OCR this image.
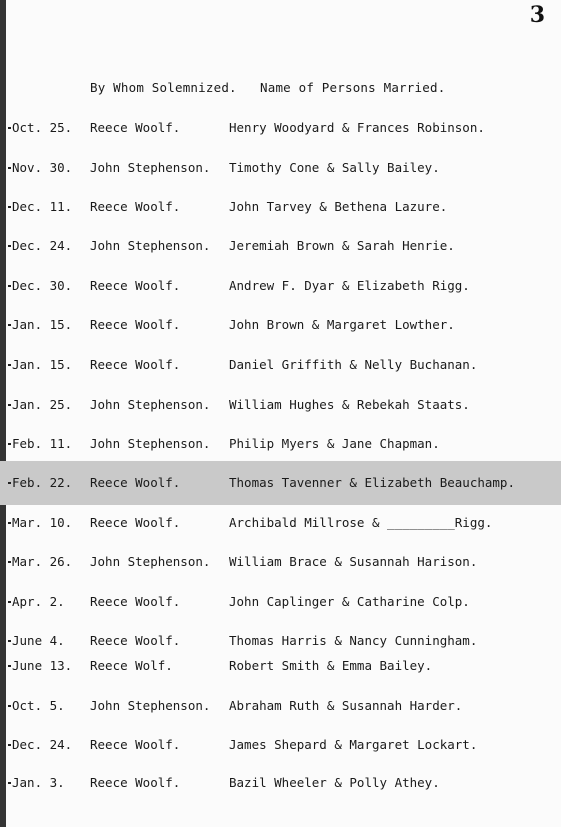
3
By Whom Solemnized. Name of Persons Married.
Oct. 25.	Reece Woolf.	Henry Woodyard & Frances Robinson.
Nov. 30.	John Stephenson.	Timothy Cone & Sally Bailey.
Dec. 11.	Reece Woolf.	John Tarvey & Bethena Lazure.
Dec. 24.	John Stephenson.	Jeremiah Brown & Sarah Henrie.
Dec. 30.	Reece Woolf.	Andrew F. Dyar & Elizabeth Rigg.
Jan. 15.	Reece Woolf.	John Brown & Margaret Lowther.
Jan. 15.	Reece Woolf.	Daniel Griffith & Nelly Buchanan.
Jan. 25.	John Stephenson.	William Hughes & Rebekah Staats.
Feb. 11.	John Stephenson.	Philip Myers & Jane Chapman.
Feb. 22.	Reece Woolf.	Thomas Tavenner & Elizabeth Beauchamp.
Mar. 10.	Reece Woolf.	Archibald Millrose & _________Rigg.
Mar. 26.	John Stephenson.	William Brace & Susannah Harison.
Apr. 2.	Reece Woolf.	John Caplinger & Catharine Colp.
June 4.	Reece Woolf.	Thomas Harris & Nancy Cunningham.
June 13.	Reece Wolf.	Robert Smith & Emma Bailey.
Oct. 5.	John Stephenson.	Abraham Ruth & Susannah Harder.
Dec. 24.	Reece Woolf.	James Shepard & Margaret Lockart.
Jan. 3.	Reece Woolf.	Bazil Wheeler & Polly Athey.
